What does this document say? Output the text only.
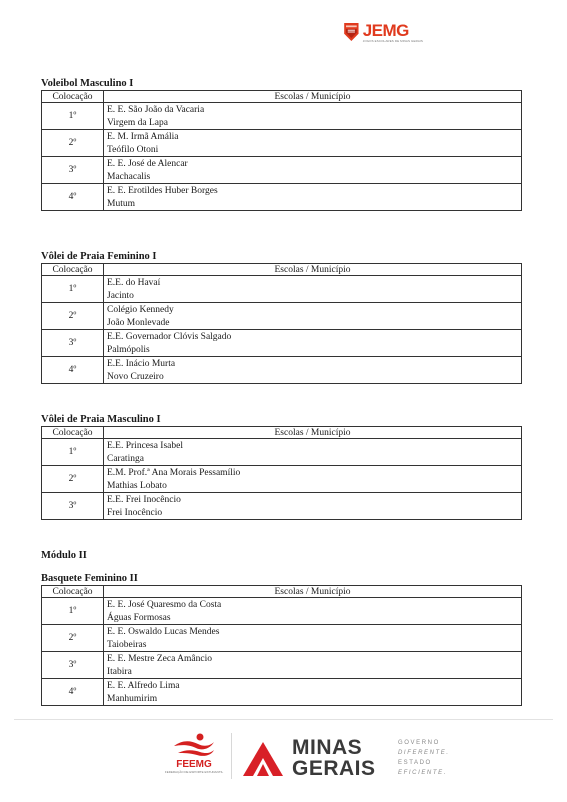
JEMG
JOGOS ESCOLARES DE MINAS GERAIS
Voleibol Masculino I
Colocação	Escolas / Município
1º	E. E. São João da Vacaria
Virgem da Lapa

2º	E. M. Irmã Amália
Teófilo Otoni

3º	E. E. José de Alencar
Machacalis

4º	E. E. Erotildes Huber Borges
Mutum
Vôlei de Praia Feminino I
Colocação	Escolas / Município
1º	E.E. do Havaí
Jacinto

2º	Colégio Kennedy
João Monlevade

3º	E.E. Governador Clóvis Salgado
Palmópolis

4º	E.E. Inácio Murta
Novo Cruzeiro
Vôlei de Praia Masculino I
Colocação	Escolas / Município
1º	E.E. Princesa Isabel
Caratinga

2º	E.M. Prof.ª Ana Morais Pessamílio
Mathias Lobato

3º	E.E. Frei Inocêncio
Frei Inocêncio
Módulo II
Basquete Feminino II
Colocação	Escolas / Município
1º	E. E. José Quaresmo da Costa
Águas Formosas

2º	E. E. Oswaldo Lucas Mendes
Taiobeiras

3º	E. E. Mestre Zeca Amâncio
Itabira

4º	E. E. Alfredo Lima
Manhumirim
FEEMG
FEDERAÇÃO DE ESPORTE ESTUDANTIL
MINAS
GERAIS
GOVERNO
DIFERENTE.
ESTADO
EFICIENTE.
